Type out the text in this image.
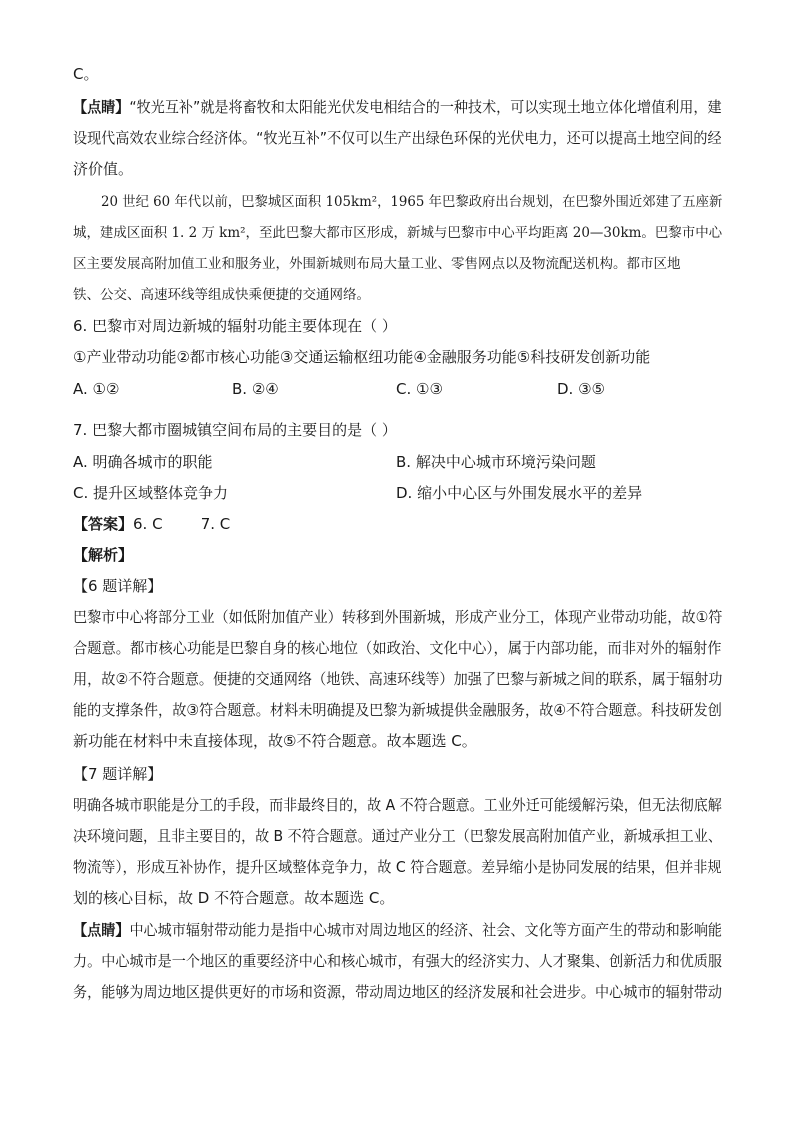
C。
【点睛】“牧光互补”就是将畜牧和太阳能光伏发电相结合的一种技术，可以实现土地立体化增值利用，建
设现代高效农业综合经济体。“牧光互补”不仅可以生产出绿色环保的光伏电力，还可以提高土地空间的经
济价值。
20 世纪 60 年代以前，巴黎城区面积 105km²，1965 年巴黎政府出台规划，在巴黎外围近郊建了五座新
城，建成区面积 1. 2 万 km²，至此巴黎大都市区形成，新城与巴黎市中心平均距离 20—30km。巴黎市中心
区主要发展高附加值工业和服务业，外围新城则布局大量工业、零售网点以及物流配送机构。都市区地
铁、公交、高速环线等组成快乘便捷的交通网络。
6. 巴黎市对周边新城的辐射功能主要体现在（ ）
①产业带动功能②都市核心功能③交通运输枢纽功能④金融服务功能⑤科技研发创新功能
A. ①②	B. ②④	C. ①③	D. ③⑤
7. 巴黎大都市圈城镇空间布局的主要目的是（ ）
A. 明确各城市的职能	B. 解决中心城市环境污染问题
C. 提升区域整体竞争力	D. 缩小中心区与外围发展水平的差异
【答案】6. C        7. C
【解析】
【6 题详解】
巴黎市中心将部分工业（如低附加值产业）转移到外围新城，形成产业分工，体现产业带动功能，故①符
合题意。都市核心功能是巴黎自身的核心地位（如政治、文化中心），属于内部功能，而非对外的辐射作
用，故②不符合题意。便捷的交通网络（地铁、高速环线等）加强了巴黎与新城之间的联系，属于辐射功
能的支撑条件，故③符合题意。材料未明确提及巴黎为新城提供金融服务，故④不符合题意。科技研发创
新功能在材料中未直接体现，故⑤不符合题意。故本题选 C。
【7 题详解】
明确各城市职能是分工的手段，而非最终目的，故 A 不符合题意。工业外迁可能缓解污染，但无法彻底解
决环境问题，且非主要目的，故 B 不符合题意。通过产业分工（巴黎发展高附加值产业，新城承担工业、
物流等），形成互补协作，提升区域整体竞争力，故 C 符合题意。差异缩小是协同发展的结果，但并非规
划的核心目标，故 D 不符合题意。故本题选 C。
【点睛】中心城市辐射带动能力是指中心城市对周边地区的经济、社会、文化等方面产生的带动和影响能
力。中心城市是一个地区的重要经济中心和核心城市，有强大的经济实力、人才聚集、创新活力和优质服
务，能够为周边地区提供更好的市场和资源，带动周边地区的经济发展和社会进步。中心城市的辐射带动
